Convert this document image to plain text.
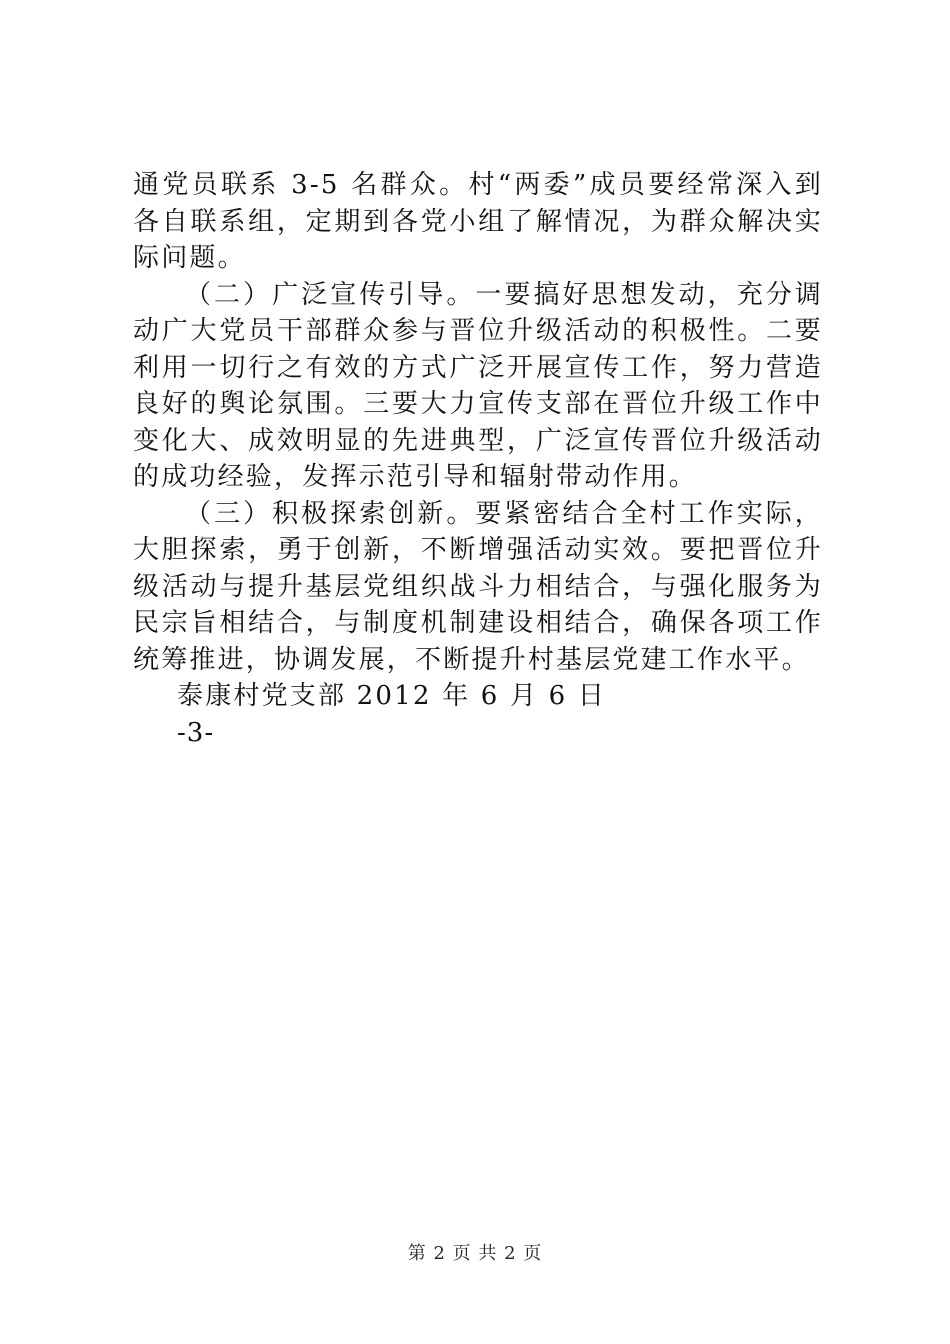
通党员联系 3-5 名群众。村“两委”成员要经常深入到各自联系组，定期到各党小组了解情况，为群众解决实际问题。

（二）广泛宣传引导。一要搞好思想发动，充分调动广大党员干部群众参与晋位升级活动的积极性。二要利用一切行之有效的方式广泛开展宣传工作，努力营造良好的舆论氛围。三要大力宣传支部在晋位升级工作中变化大、成效明显的先进典型，广泛宣传晋位升级活动的成功经验，发挥示范引导和辐射带动作用。

（三）积极探索创新。要紧密结合全村工作实际，大胆探索，勇于创新，不断增强活动实效。要把晋位升级活动与提升基层党组织战斗力相结合，与强化服务为民宗旨相结合，与制度机制建设相结合，确保各项工作统筹推进，协调发展，不断提升村基层党建工作水平。

泰康村党支部 2012 年 6 月 6 日

-3-

第 2 页 共 2 页
